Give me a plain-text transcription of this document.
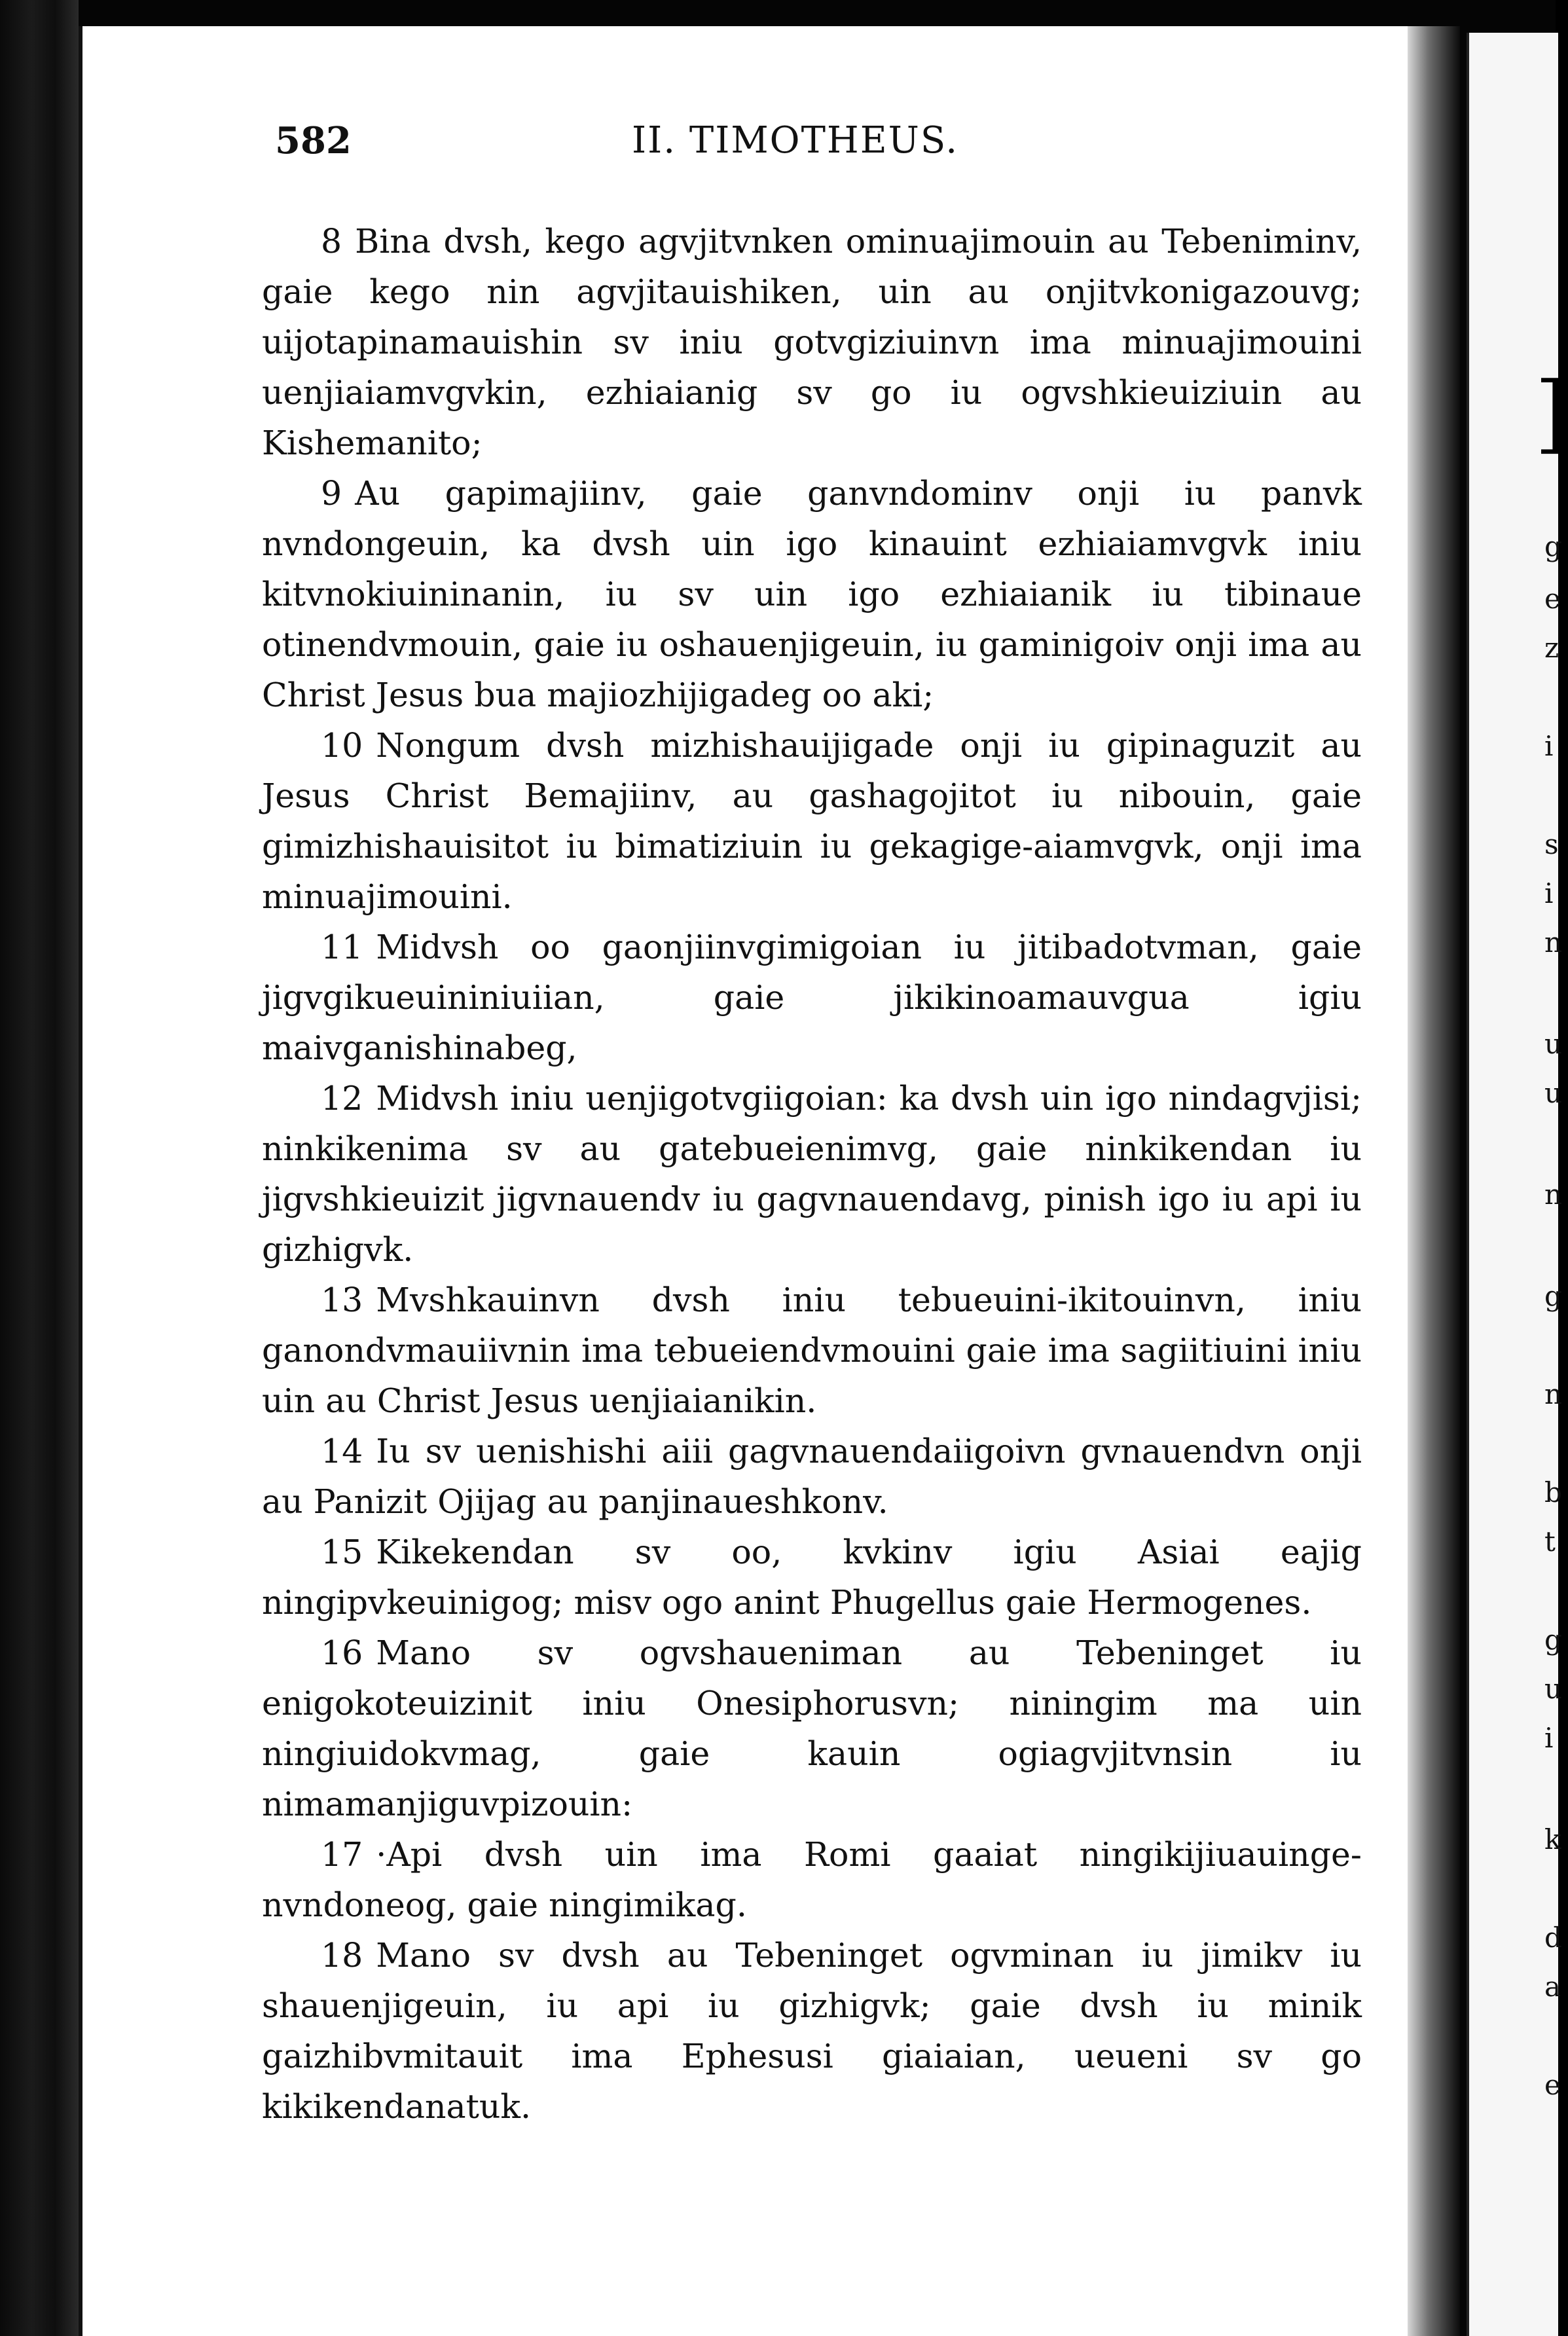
]
g
e
z
i
s
i
n
u
u
n
g
n
b
t
g
u
i
k
d
a
e
582	II. TIMOTHEUS.

8 Bina dvsh, kego agvjitvnken ominuajimouin au Tebeniminv, gaie kego nin agvjitauishiken, uin au onjitvkonigazouvg; uijotapinamauishin sv iniu gotvgiziuinvn ima minuajimouini uenjiaiamvgvkin, ezhiaianig sv go iu ogvshkieuiziuin au Kishemanito;

9 Au gapimajiinv, gaie ganvndominv onji iu panvk nvndongeuin, ka dvsh uin igo kinauint ezhiaiamvgvk iniu kitvnokiuininanin, iu sv uin igo ezhiaianik iu tibinaue otinendvmouin, gaie iu oshauenjigeuin, iu gaminigoiv onji ima au Christ Jesus bua majiozhijigadeg oo aki;

10 Nongum dvsh mizhishauijigade onji iu gipinaguzit au Jesus Christ Bemajiinv, au gashagojitot iu nibouin, gaie gimizhishauisitot iu bimatiziuin iu gekagige-aiamvgvk, onji ima minuajimouini.

11 Midvsh oo gaonjiinvgimigoian iu jitibadotvman, gaie jigvgikueuininiuiian, gaie jikikinoamauvgua igiu maivganishinabeg,

12 Midvsh iniu uenjigotvgiigoian: ka dvsh uin igo nindagvjisi; ninkikenima sv au gatebueienimvg, gaie ninkikendan iu jigvshkieuizit jigvnauendv iu gagvnauendavg, pinish igo iu api iu gizhigvk.

13 Mvshkauinvn dvsh iniu tebueuini-ikitouinvn, iniu ganondvmauiivnin ima tebueiendvmouini gaie ima sagiitiuini iniu uin au Christ Jesus uenjiaianikin.

14 Iu sv uenishishi aiii gagvnauendaiigoivn gvnauendvn onji au Panizit Ojijag au panjinaueshkonv.

15 Kikekendan sv oo, kvkinv igiu Asiai eajig ningipvkeuinigog; misv ogo anint Phugellus gaie Hermogenes.

16 Mano sv ogvshaueniman au Tebeninget iu enigokoteuizinit iniu Onesiphorusvn; niningim ma uin ningiuidokvmag, gaie kauin ogiagvjitvnsin iu nimamanjiguvpizouin:

17 ·Api dvsh uin ima Romi gaaiat ningikijiuauinge-nvndoneog, gaie ningimikag.

18 Mano sv dvsh au Tebeninget ogvminan iu jimikv iu shauenjigeuin, iu api iu gizhigvk; gaie dvsh iu minik gaizhibvmitauit ima Ephesusi giaiaian, ueueni sv go kikikendanatuk.
